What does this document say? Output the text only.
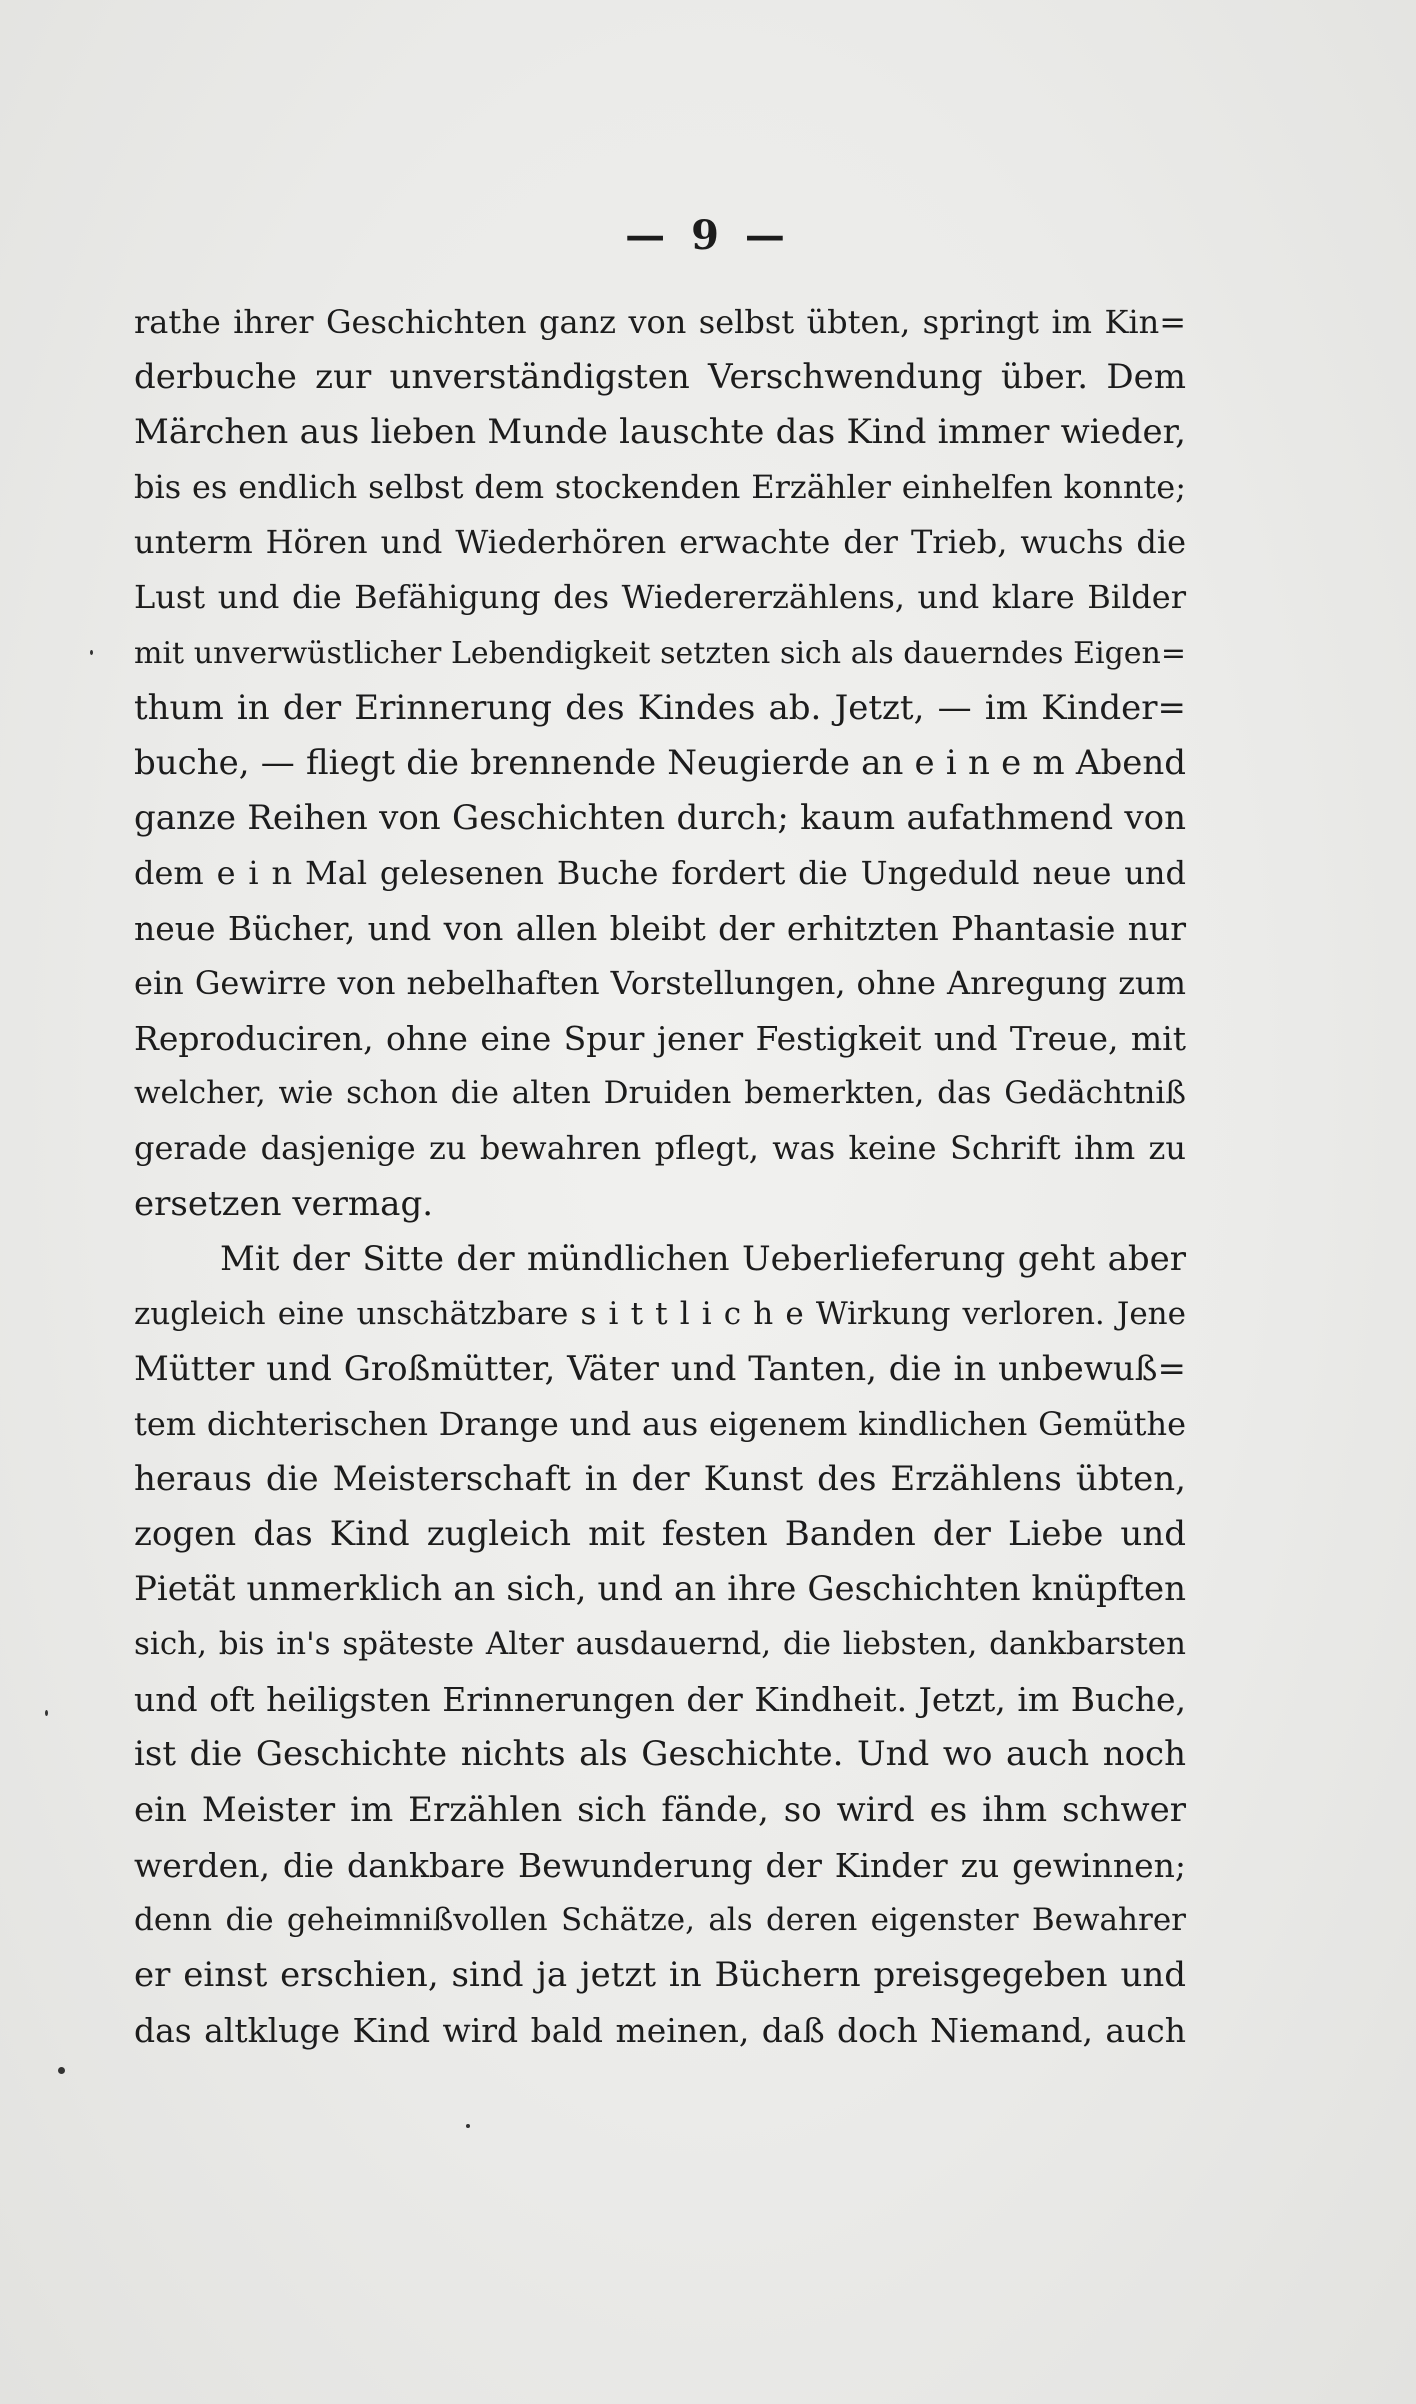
— 9 —
rathe ihrer Geschichten ganz von selbst übten, springt im Kin=
derbuche zur unverständigsten Verschwendung über. Dem
Märchen aus lieben Munde lauschte das Kind immer wieder,
bis es endlich selbst dem stockenden Erzähler einhelfen konnte;
unterm Hören und Wiederhören erwachte der Trieb, wuchs die
Lust und die Befähigung des Wiedererzählens, und klare Bilder
mit unverwüstlicher Lebendigkeit setzten sich als dauerndes Eigen=
thum in der Erinnerung des Kindes ab. Jetzt, — im Kinder=
buche, — fliegt die brennende Neugierde an e i n e m Abend
ganze Reihen von Geschichten durch; kaum aufathmend von
dem e i n Mal gelesenen Buche fordert die Ungeduld neue und
neue Bücher, und von allen bleibt der erhitzten Phantasie nur
ein Gewirre von nebelhaften Vorstellungen, ohne Anregung zum
Reproduciren, ohne eine Spur jener Festigkeit und Treue, mit
welcher, wie schon die alten Druiden bemerkten, das Gedächtniß
gerade dasjenige zu bewahren pflegt, was keine Schrift ihm zu
ersetzen vermag.
Mit der Sitte der mündlichen Ueberlieferung geht aber
zugleich eine unschätzbare s i t t l i c h e Wirkung verloren. Jene
Mütter und Großmütter, Väter und Tanten, die in unbewuß=
tem dichterischen Drange und aus eigenem kindlichen Gemüthe
heraus die Meisterschaft in der Kunst des Erzählens übten,
zogen das Kind zugleich mit festen Banden der Liebe und
Pietät unmerklich an sich, und an ihre Geschichten knüpften
sich, bis in's späteste Alter ausdauernd, die liebsten, dankbarsten
und oft heiligsten Erinnerungen der Kindheit. Jetzt, im Buche,
ist die Geschichte nichts als Geschichte. Und wo auch noch
ein Meister im Erzählen sich fände, so wird es ihm schwer
werden, die dankbare Bewunderung der Kinder zu gewinnen;
denn die geheimnißvollen Schätze, als deren eigenster Bewahrer
er einst erschien, sind ja jetzt in Büchern preisgegeben und
das altkluge Kind wird bald meinen, daß doch Niemand, auch
